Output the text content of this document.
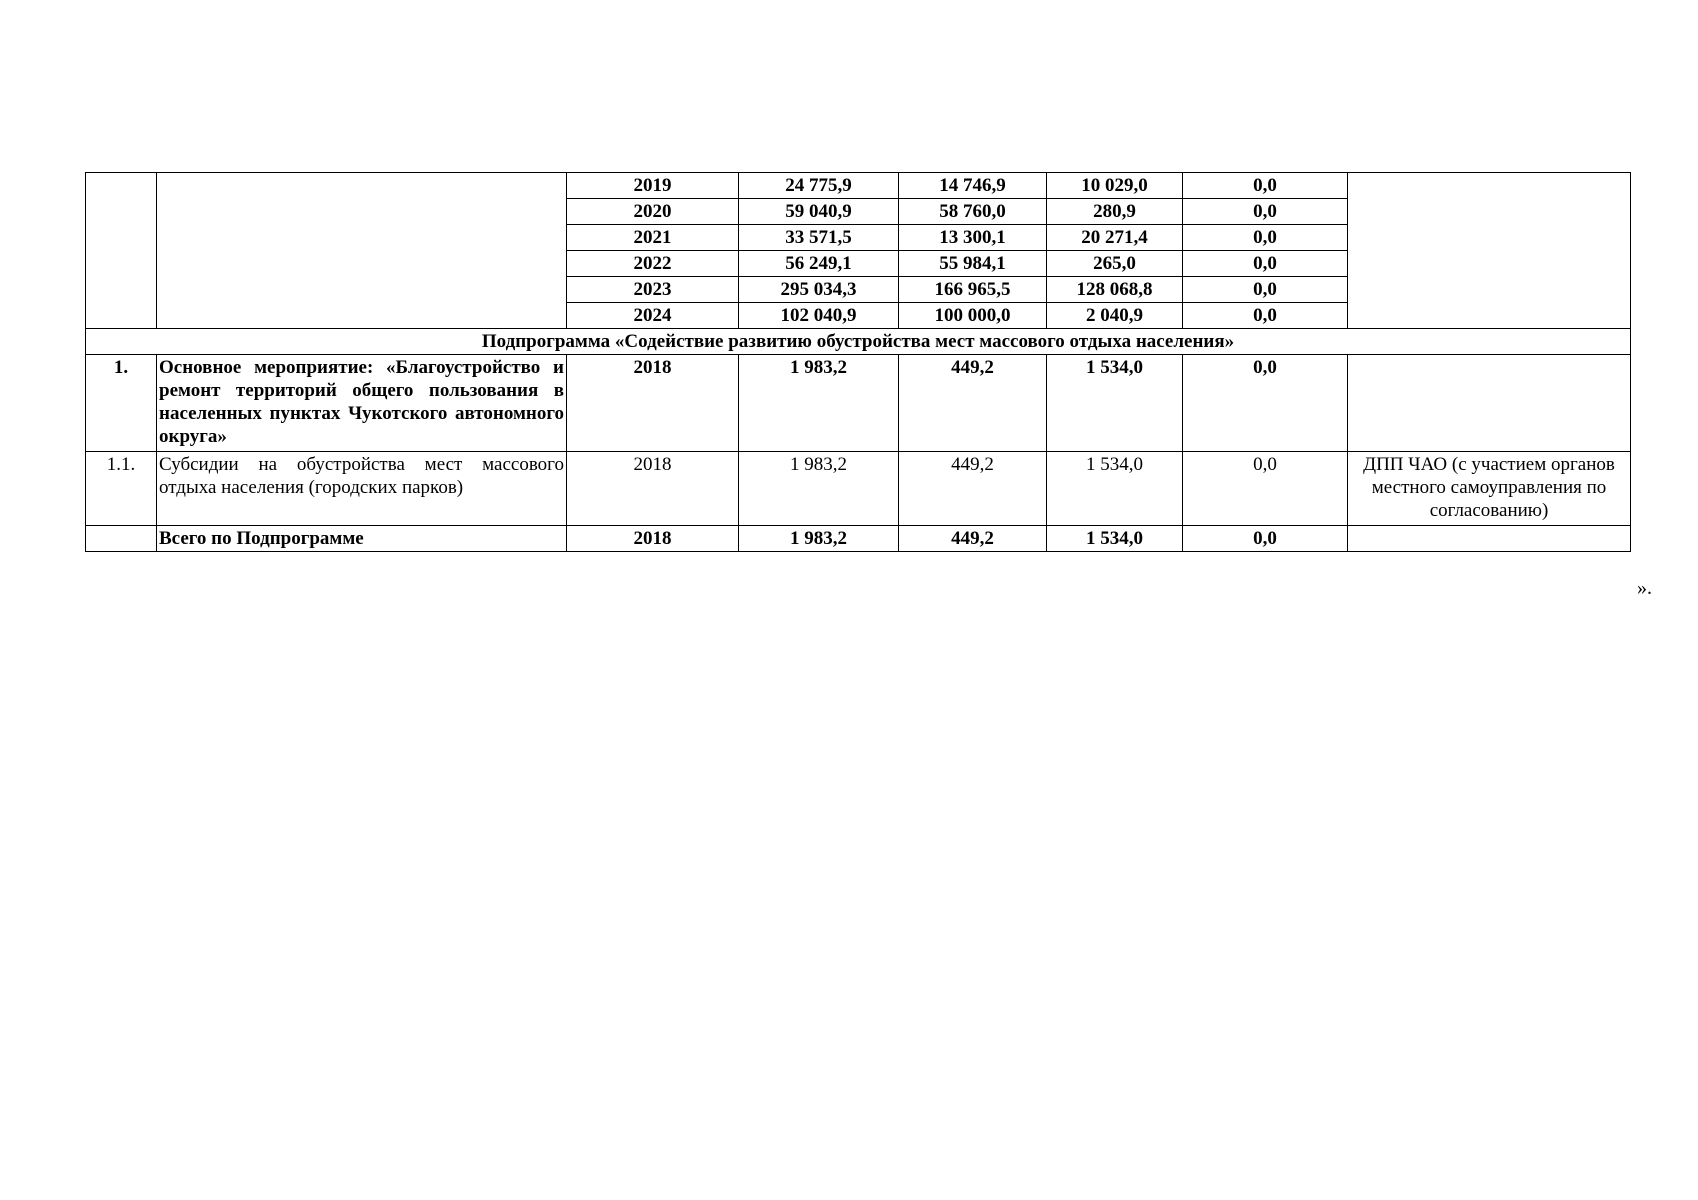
		2019	24 775,9	14 746,9	10 029,0	0,0	
		2020	59 040,9	58 760,0	280,9	0,0	
		2021	33 571,5	13 300,1	20 271,4	0,0	
		2022	56 249,1	55 984,1	265,0	0,0	
		2023	295 034,3	166 965,5	128 068,8	0,0	
		2024	102 040,9	100 000,0	2 040,9	0,0	
Подпрограмма «Содействие развитию обустройства мест массового отдыха населения»							
1.	Основное мероприятие: «Благоустройство и ремонт территорий общего пользования в населенных пунктах Чукотского автономного округа»	2018	1 983,2	449,2	1 534,0	0,0	
1.1.	Субсидии на обустройства мест массового отдыха населения (городских парков)	2018	1 983,2	449,2	1 534,0	0,0	ДПП ЧАО (с участием органов местного самоуправления по согласованию)
	Всего по Подпрограмме	2018	1 983,2	449,2	1 534,0	0,0	
».
